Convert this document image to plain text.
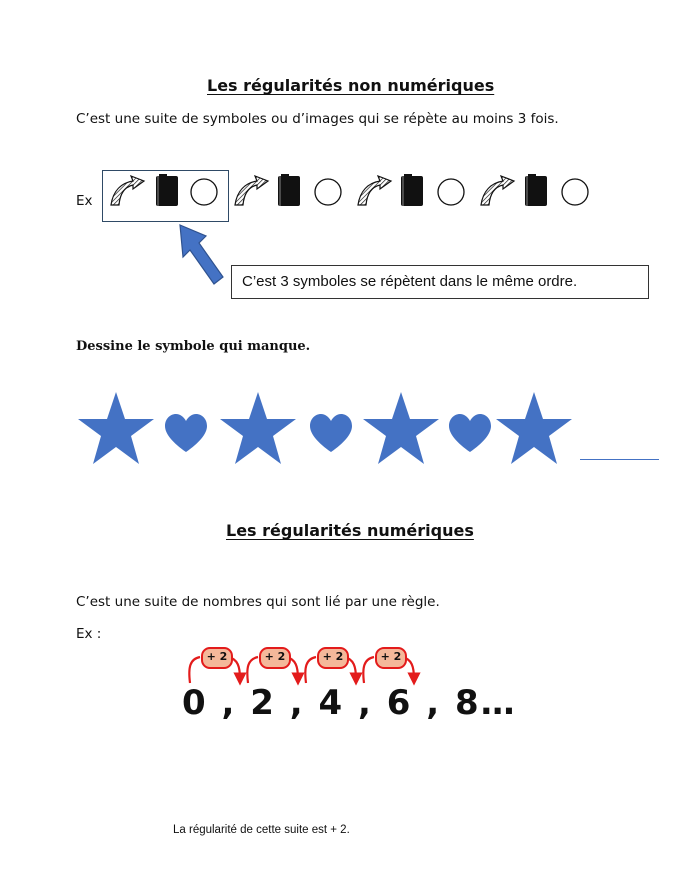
Les régularités non numériques
C’est une suite de symboles ou d’images qui se répète au moins 3 fois.
Ex
C’est 3 symboles se répètent dans le même ordre.
Dessine le symbole qui manque.
Les régularités numériques
C’est une suite de nombres qui sont lié par une règle.
Ex :
+ 2	+ 2	+ 2	+ 2
0 , 2 , 4 , 6 , 8…
La régularité de cette suite est + 2.
